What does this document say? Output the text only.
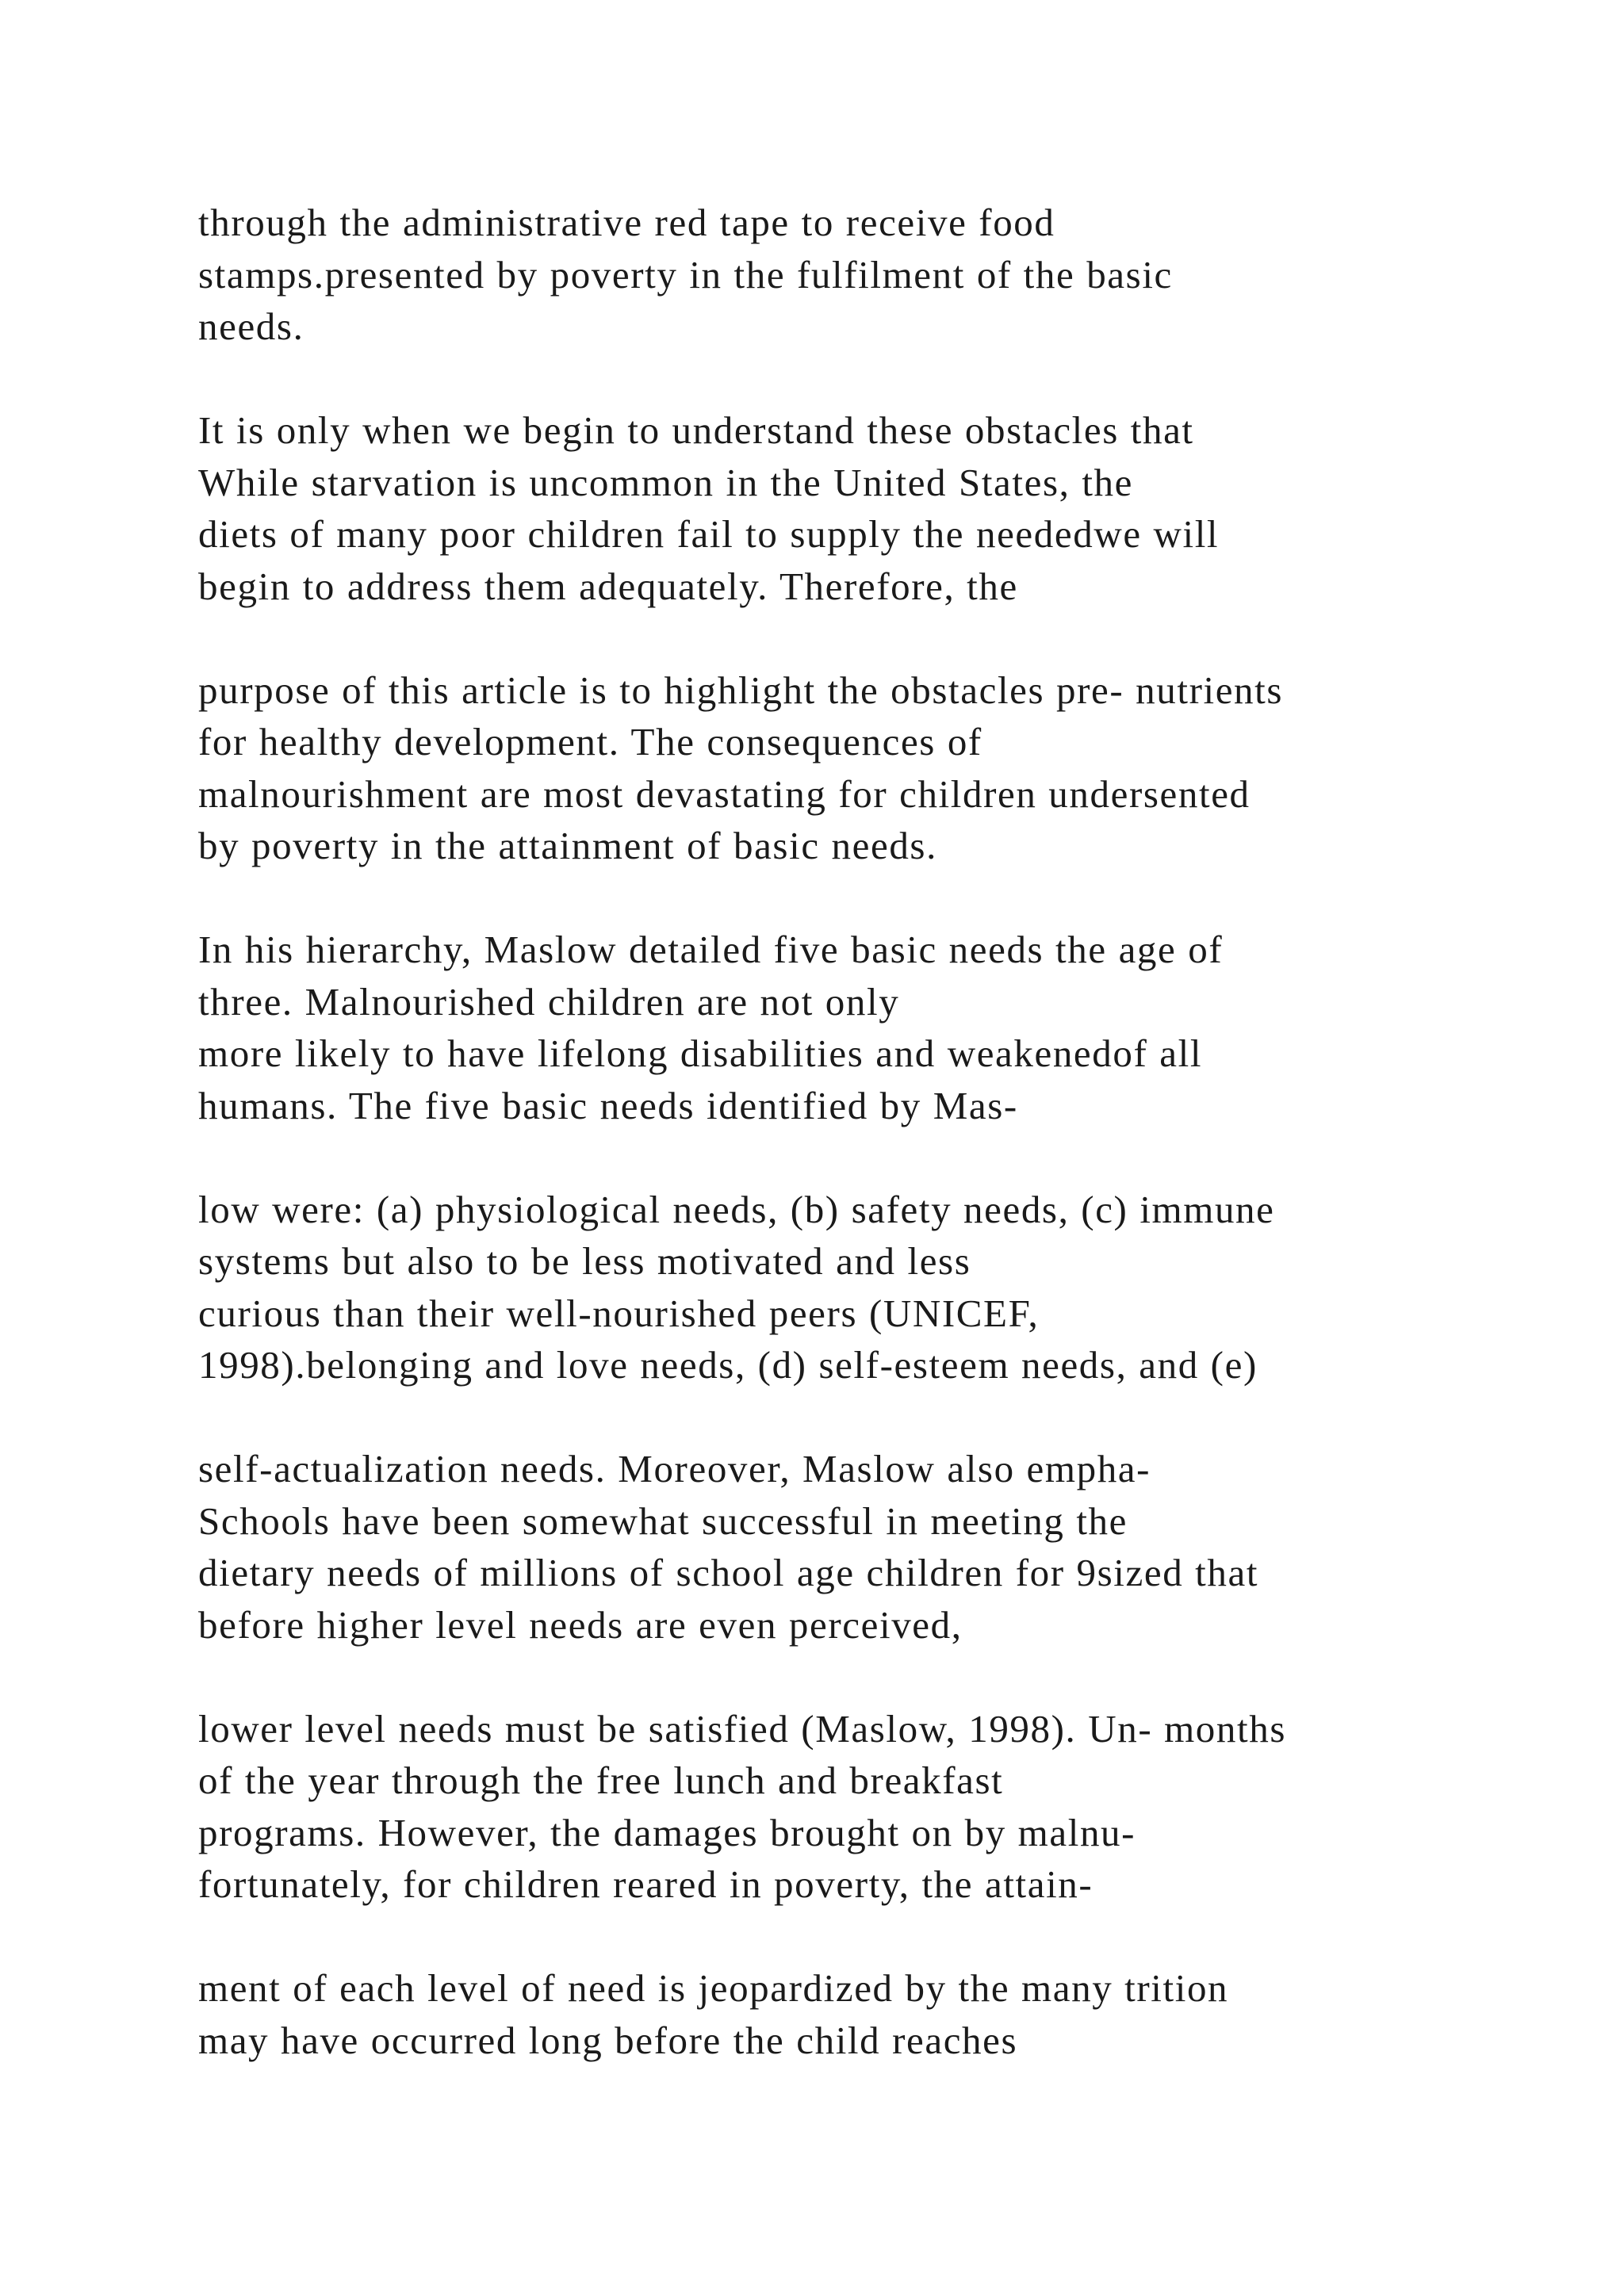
through the administrative red tape to receive food
stamps.presented by poverty in the fulfilment of the basic
needs.

It is only when we begin to understand these obstacles that
While starvation is uncommon in the United States, the
diets of many poor children fail to supply the neededwe will
begin to address them adequately. Therefore, the

purpose of this article is to highlight the obstacles pre- nutrients
for healthy development. The consequences of
malnourishment are most devastating for children undersented
by poverty in the attainment of basic needs.

In his hierarchy, Maslow detailed five basic needs the age of
three. Malnourished children are not only
more likely to have lifelong disabilities and weakenedof all
humans. The five basic needs identified by Mas-

low were: (a) physiological needs, (b) safety needs, (c) immune
systems but also to be less motivated and less
curious than their well-nourished peers (UNICEF,
1998).belonging and love needs, (d) self-esteem needs, and (e)

self-actualization needs. Moreover, Maslow also empha-
Schools have been somewhat successful in meeting the
dietary needs of millions of school age children for 9sized that
before higher level needs are even perceived,

lower level needs must be satisfied (Maslow, 1998). Un- months
of the year through the free lunch and breakfast
programs. However, the damages brought on by malnu-
fortunately, for children reared in poverty, the attain-

ment of each level of need is jeopardized by the many trition
may have occurred long before the child reaches
